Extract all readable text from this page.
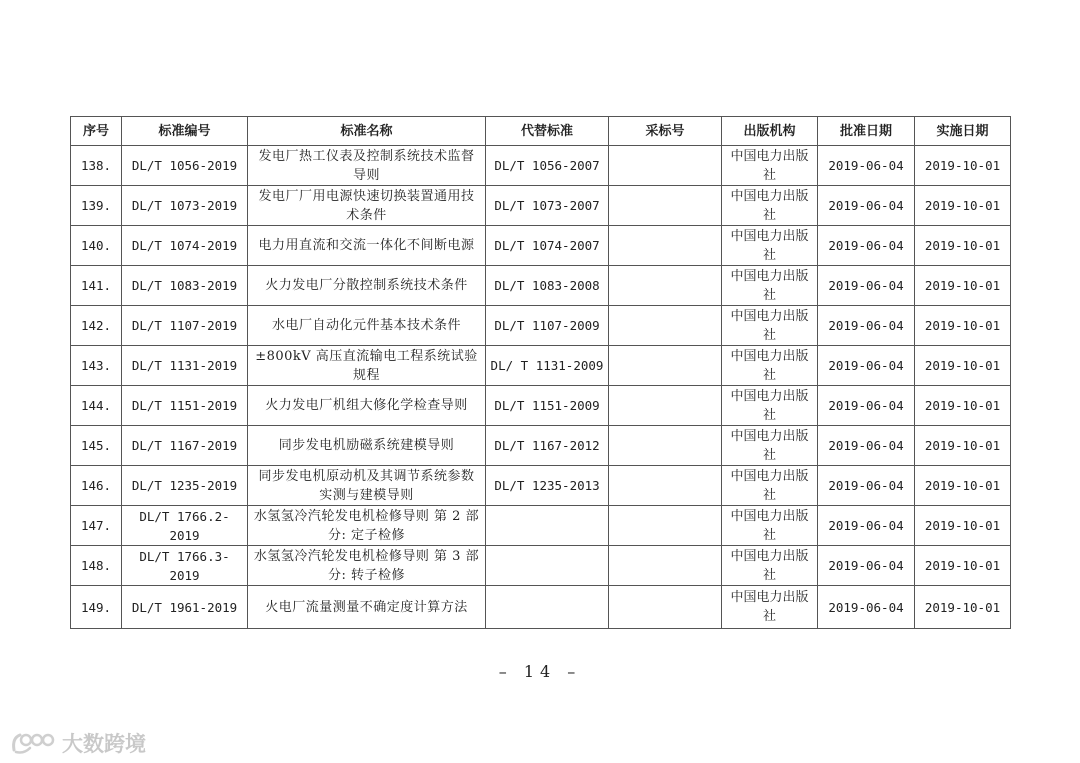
序号	标准编号	标准名称	代替标准	采标号	出版机构	批准日期	实施日期
138.	DL/T 1056-2019	发电厂热工仪表及控制系统技术监督导则	DL/T 1056-2007		中国电力出版社	2019-06-04	2019-10-01
139.	DL/T 1073-2019	发电厂厂用电源快速切换装置通用技术条件	DL/T 1073-2007		中国电力出版社	2019-06-04	2019-10-01
140.	DL/T 1074-2019	电力用直流和交流一体化不间断电源	DL/T 1074-2007		中国电力出版社	2019-06-04	2019-10-01
141.	DL/T 1083-2019	火力发电厂分散控制系统技术条件	DL/T 1083-2008		中国电力出版社	2019-06-04	2019-10-01
142.	DL/T 1107-2019	水电厂自动化元件基本技术条件	DL/T 1107-2009		中国电力出版社	2019-06-04	2019-10-01
143.	DL/T 1131-2019	±800kV 高压直流输电工程系统试验规程	DL/ T 1131-2009		中国电力出版社	2019-06-04	2019-10-01
144.	DL/T 1151-2019	火力发电厂机组大修化学检查导则	DL/T 1151-2009		中国电力出版社	2019-06-04	2019-10-01
145.	DL/T 1167-2019	同步发电机励磁系统建模导则	DL/T 1167-2012		中国电力出版社	2019-06-04	2019-10-01
146.	DL/T 1235-2019	同步发电机原动机及其调节系统参数实测与建模导则	DL/T 1235-2013		中国电力出版社	2019-06-04	2019-10-01
147.	DL/T 1766.2-2019	水氢氢冷汽轮发电机检修导则 第 2 部分: 定子检修			中国电力出版社	2019-06-04	2019-10-01
148.	DL/T 1766.3-2019	水氢氢冷汽轮发电机检修导则 第 3 部分: 转子检修			中国电力出版社	2019-06-04	2019-10-01
149.	DL/T 1961-2019	火电厂流量测量不确定度计算方法			中国电力出版社	2019-06-04	2019-10-01
– 14 –
大数跨境
